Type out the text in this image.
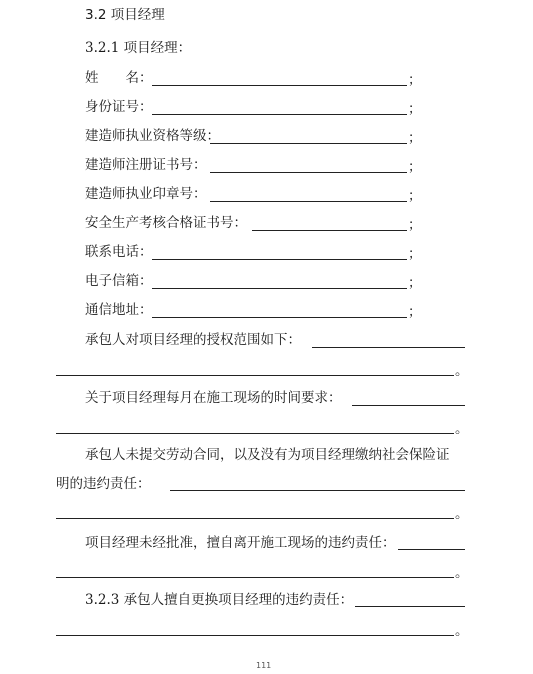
3.2 项目经理
3.2.1 项目经理：
姓　　名：	；
身份证号：	；
建造师执业资格等级：	；
建造师注册证书号：	；
建造师执业印章号：	；
安全生产考核合格证书号：	；
联系电话：	；
电子信箱：	；
通信地址：	；
承包人对项目经理的授权范围如下：
。
关于项目经理每月在施工现场的时间要求：
。
承包人未提交劳动合同，以及没有为项目经理缴纳社会保险证
明的违约责任：
。
项目经理未经批准，擅自离开施工现场的违约责任：
。
3.2.3 承包人擅自更换项目经理的违约责任：
。
111
